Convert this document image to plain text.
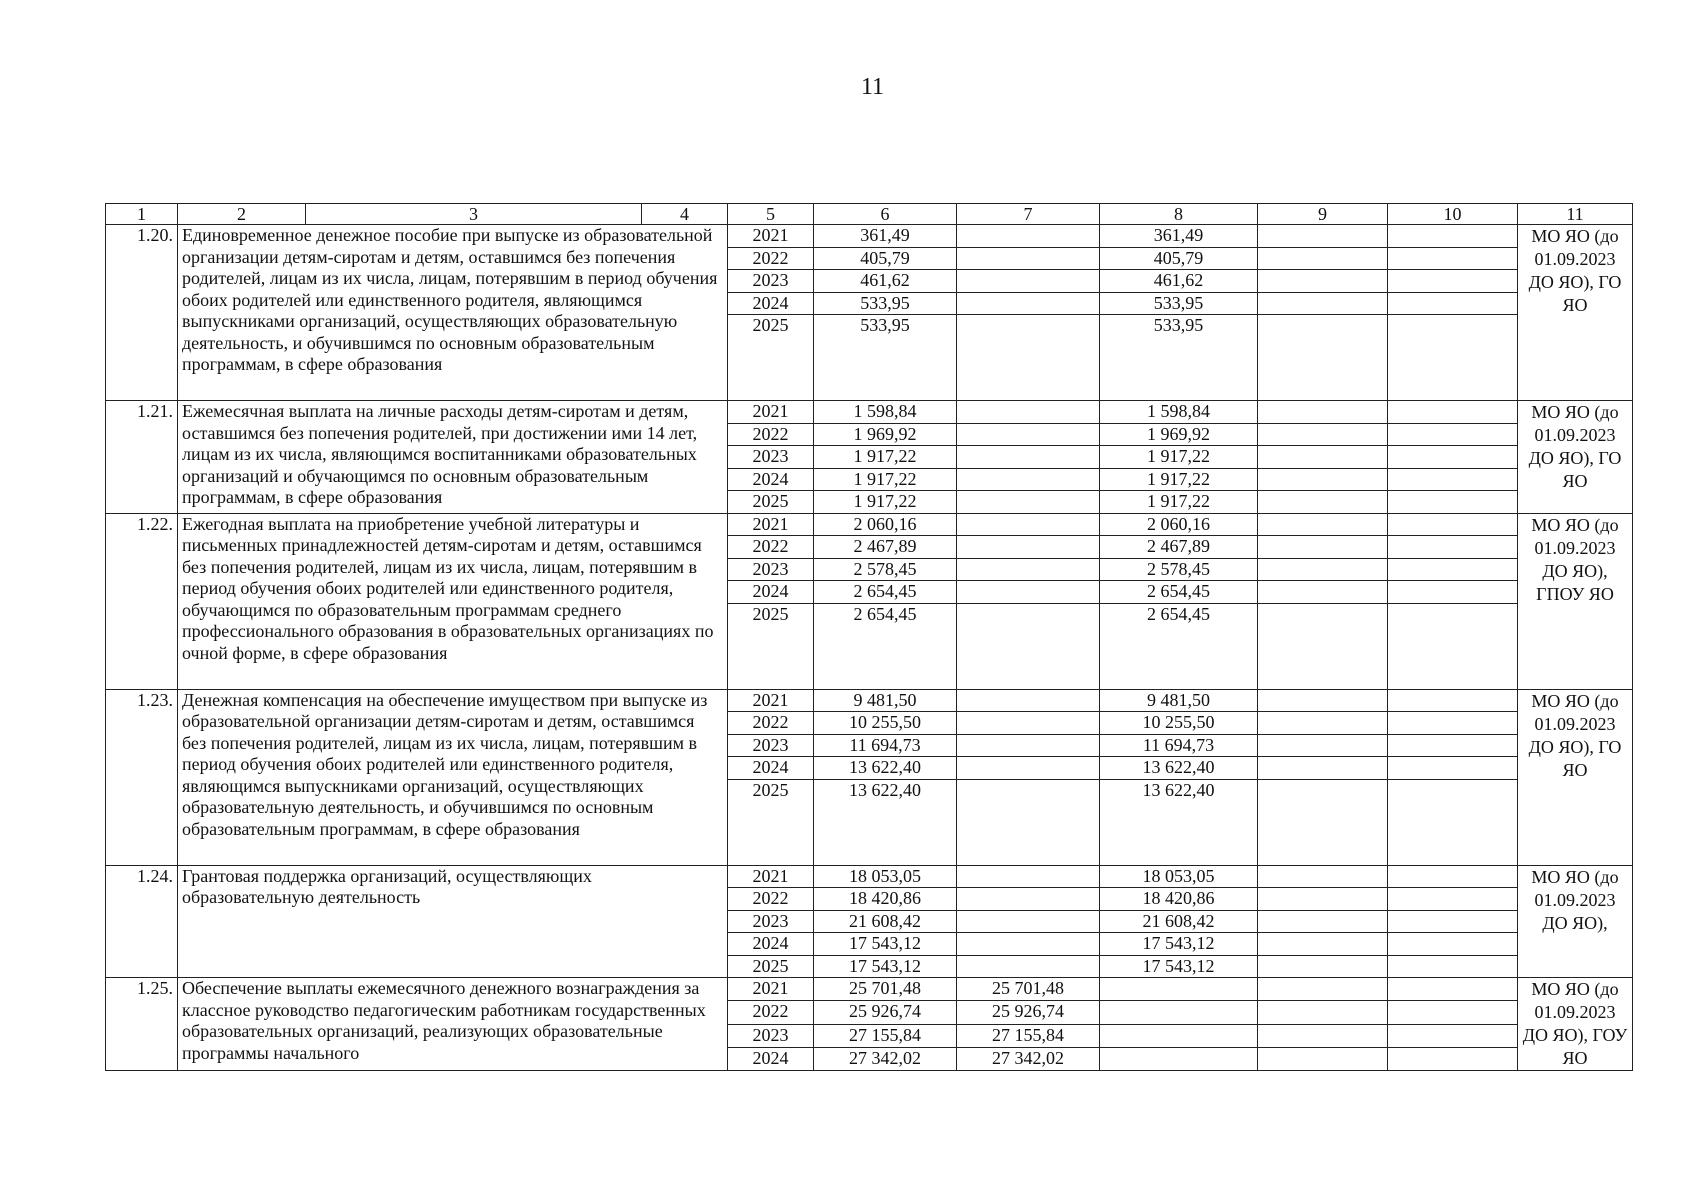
11
1	2	3	4	5	6	7	8	9	10	11
1.20.	Единовременное денежное пособие при выпуске из образовательной организации детям-сиротам и детям, оставшимся без попечения родителей, лицам из их числа, лицам, потерявшим в период обучения обоих родителей или единственного родителя, являющимся выпускниками организаций, осуществляющих образовательную деятельность, и обучившимся по основным образовательным программам, в сфере образования			2021	361,49		361,49			МО ЯО (до 01.09.2023 ДО ЯО), ГО ЯО
				2022	405,79		405,79			
				2023	461,62		461,62			
				2024	533,95		533,95			
				2025	533,95		533,95			
1.21.	Ежемесячная выплата на личные расходы детям-сиротам и детям, оставшимся без попечения родителей, при достижении ими 14 лет, лицам из их числа, являющимся воспитанниками образовательных организаций и обучающимся по основным образовательным программам, в сфере образования			2021	1 598,84		1 598,84			МО ЯО (до 01.09.2023 ДО ЯО), ГО ЯО
				2022	1 969,92		1 969,92			
				2023	1 917,22		1 917,22			
				2024	1 917,22		1 917,22			
				2025	1 917,22		1 917,22			
1.22.	Ежегодная выплата на приобретение учебной литературы и письменных принадлежностей детям-сиротам и детям, оставшимся без попечения родителей, лицам из их числа, лицам, потерявшим в период обучения обоих родителей или единственного родителя, обучающимся по образовательным программам среднего профессионального образования в образовательных организациях по очной форме, в сфере образования			2021	2 060,16		2 060,16			МО ЯО (до 01.09.2023 ДО ЯО), ГПОУ ЯО
				2022	2 467,89		2 467,89			
				2023	2 578,45		2 578,45			
				2024	2 654,45		2 654,45			
				2025	2 654,45		2 654,45			
1.23.	Денежная компенсация на обеспечение имуществом при выпуске из образовательной организации детям-сиротам и детям, оставшимся без попечения родителей, лицам из их числа, лицам, потерявшим в период обучения обоих родителей или единственного родителя, являющимся выпускниками организаций, осуществляющих образовательную деятельность, и обучившимся по основным образовательным программам, в сфере образования			2021	9 481,50		9 481,50			МО ЯО (до 01.09.2023 ДО ЯО), ГО ЯО
				2022	10 255,50		10 255,50			
				2023	11 694,73		11 694,73			
				2024	13 622,40		13 622,40			
				2025	13 622,40		13 622,40			
1.24.	Грантовая поддержка организаций, осуществляющих образовательную деятельность			2021	18 053,05		18 053,05			МО ЯО (до 01.09.2023 ДО ЯО),
				2022	18 420,86		18 420,86			
				2023	21 608,42		21 608,42			
				2024	17 543,12		17 543,12			
				2025	17 543,12		17 543,12			
1.25.	Обеспечение выплаты ежемесячного денежного вознаграждения за классное руководство педагогическим работникам государственных образовательных организаций, реализующих образовательные программы начального			2021	25 701,48	25 701,48				МО ЯО (до 01.09.2023 ДО ЯО), ГОУ ЯО
				2022	25 926,74	25 926,74				
				2023	27 155,84	27 155,84				
				2024	27 342,02	27 342,02				
